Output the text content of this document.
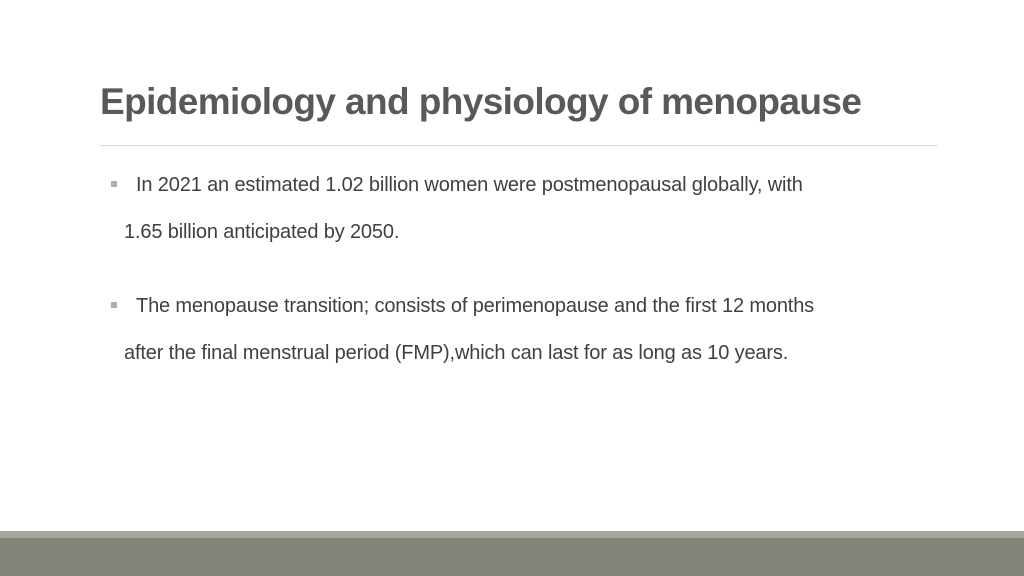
Epidemiology and physiology of menopause
In 2021 an estimated 1.02 billion women were postmenopausal globally, with
1.65 billion anticipated by 2050.
The menopause transition; consists of perimenopause and the first 12 months
after the final menstrual period (FMP),which can last for as long as 10 years.
